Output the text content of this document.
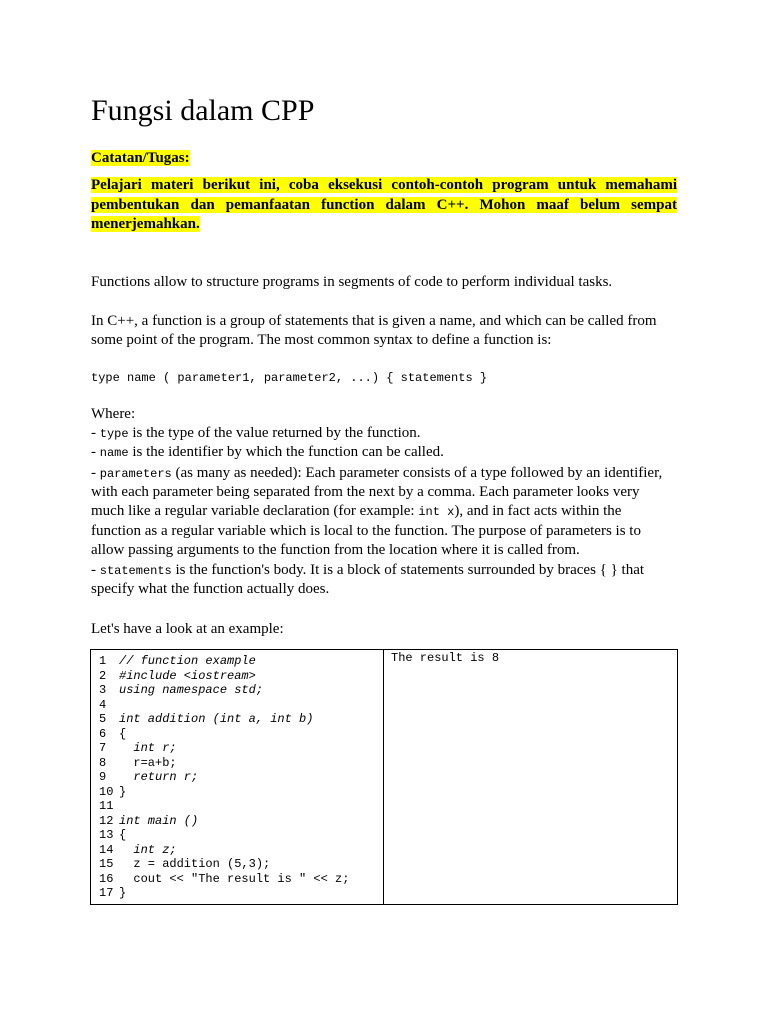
Fungsi dalam CPP
Catatan/Tugas:
Pelajari materi berikut ini, coba eksekusi contoh-contoh program untuk memahami
pembentukan dan pemanfaatan function dalam C++. Mohon maaf belum sempat
menerjemahkan.
Functions allow to structure programs in segments of code to perform individual tasks.
In C++, a function is a group of statements that is given a name, and which can be called from
some point of the program. The most common syntax to define a function is:
type name ( parameter1, parameter2, ...) { statements }
Where:
- type is the type of the value returned by the function.
- name is the identifier by which the function can be called.
- parameters (as many as needed): Each parameter consists of a type followed by an identifier,
with each parameter being separated from the next by a comma. Each parameter looks very
much like a regular variable declaration (for example: int x), and in fact acts within the
function as a regular variable which is local to the function. The purpose of parameters is to
allow passing arguments to the function from the location where it is called from.
- statements is the function's body. It is a block of statements surrounded by braces { } that
specify what the function actually does.
Let's have a look at an example:
1 // function example
2 #include <iostream>
3 using namespace std;
4
5 int addition (int a, int b)
6 {
7  int r;
8  r=a+b;
9  return r;
10 }
11
12 int main ()
13 {
14  int z;
15  z = addition (5,3);
16  cout << "The result is " << z;
17 }
The result is 8
